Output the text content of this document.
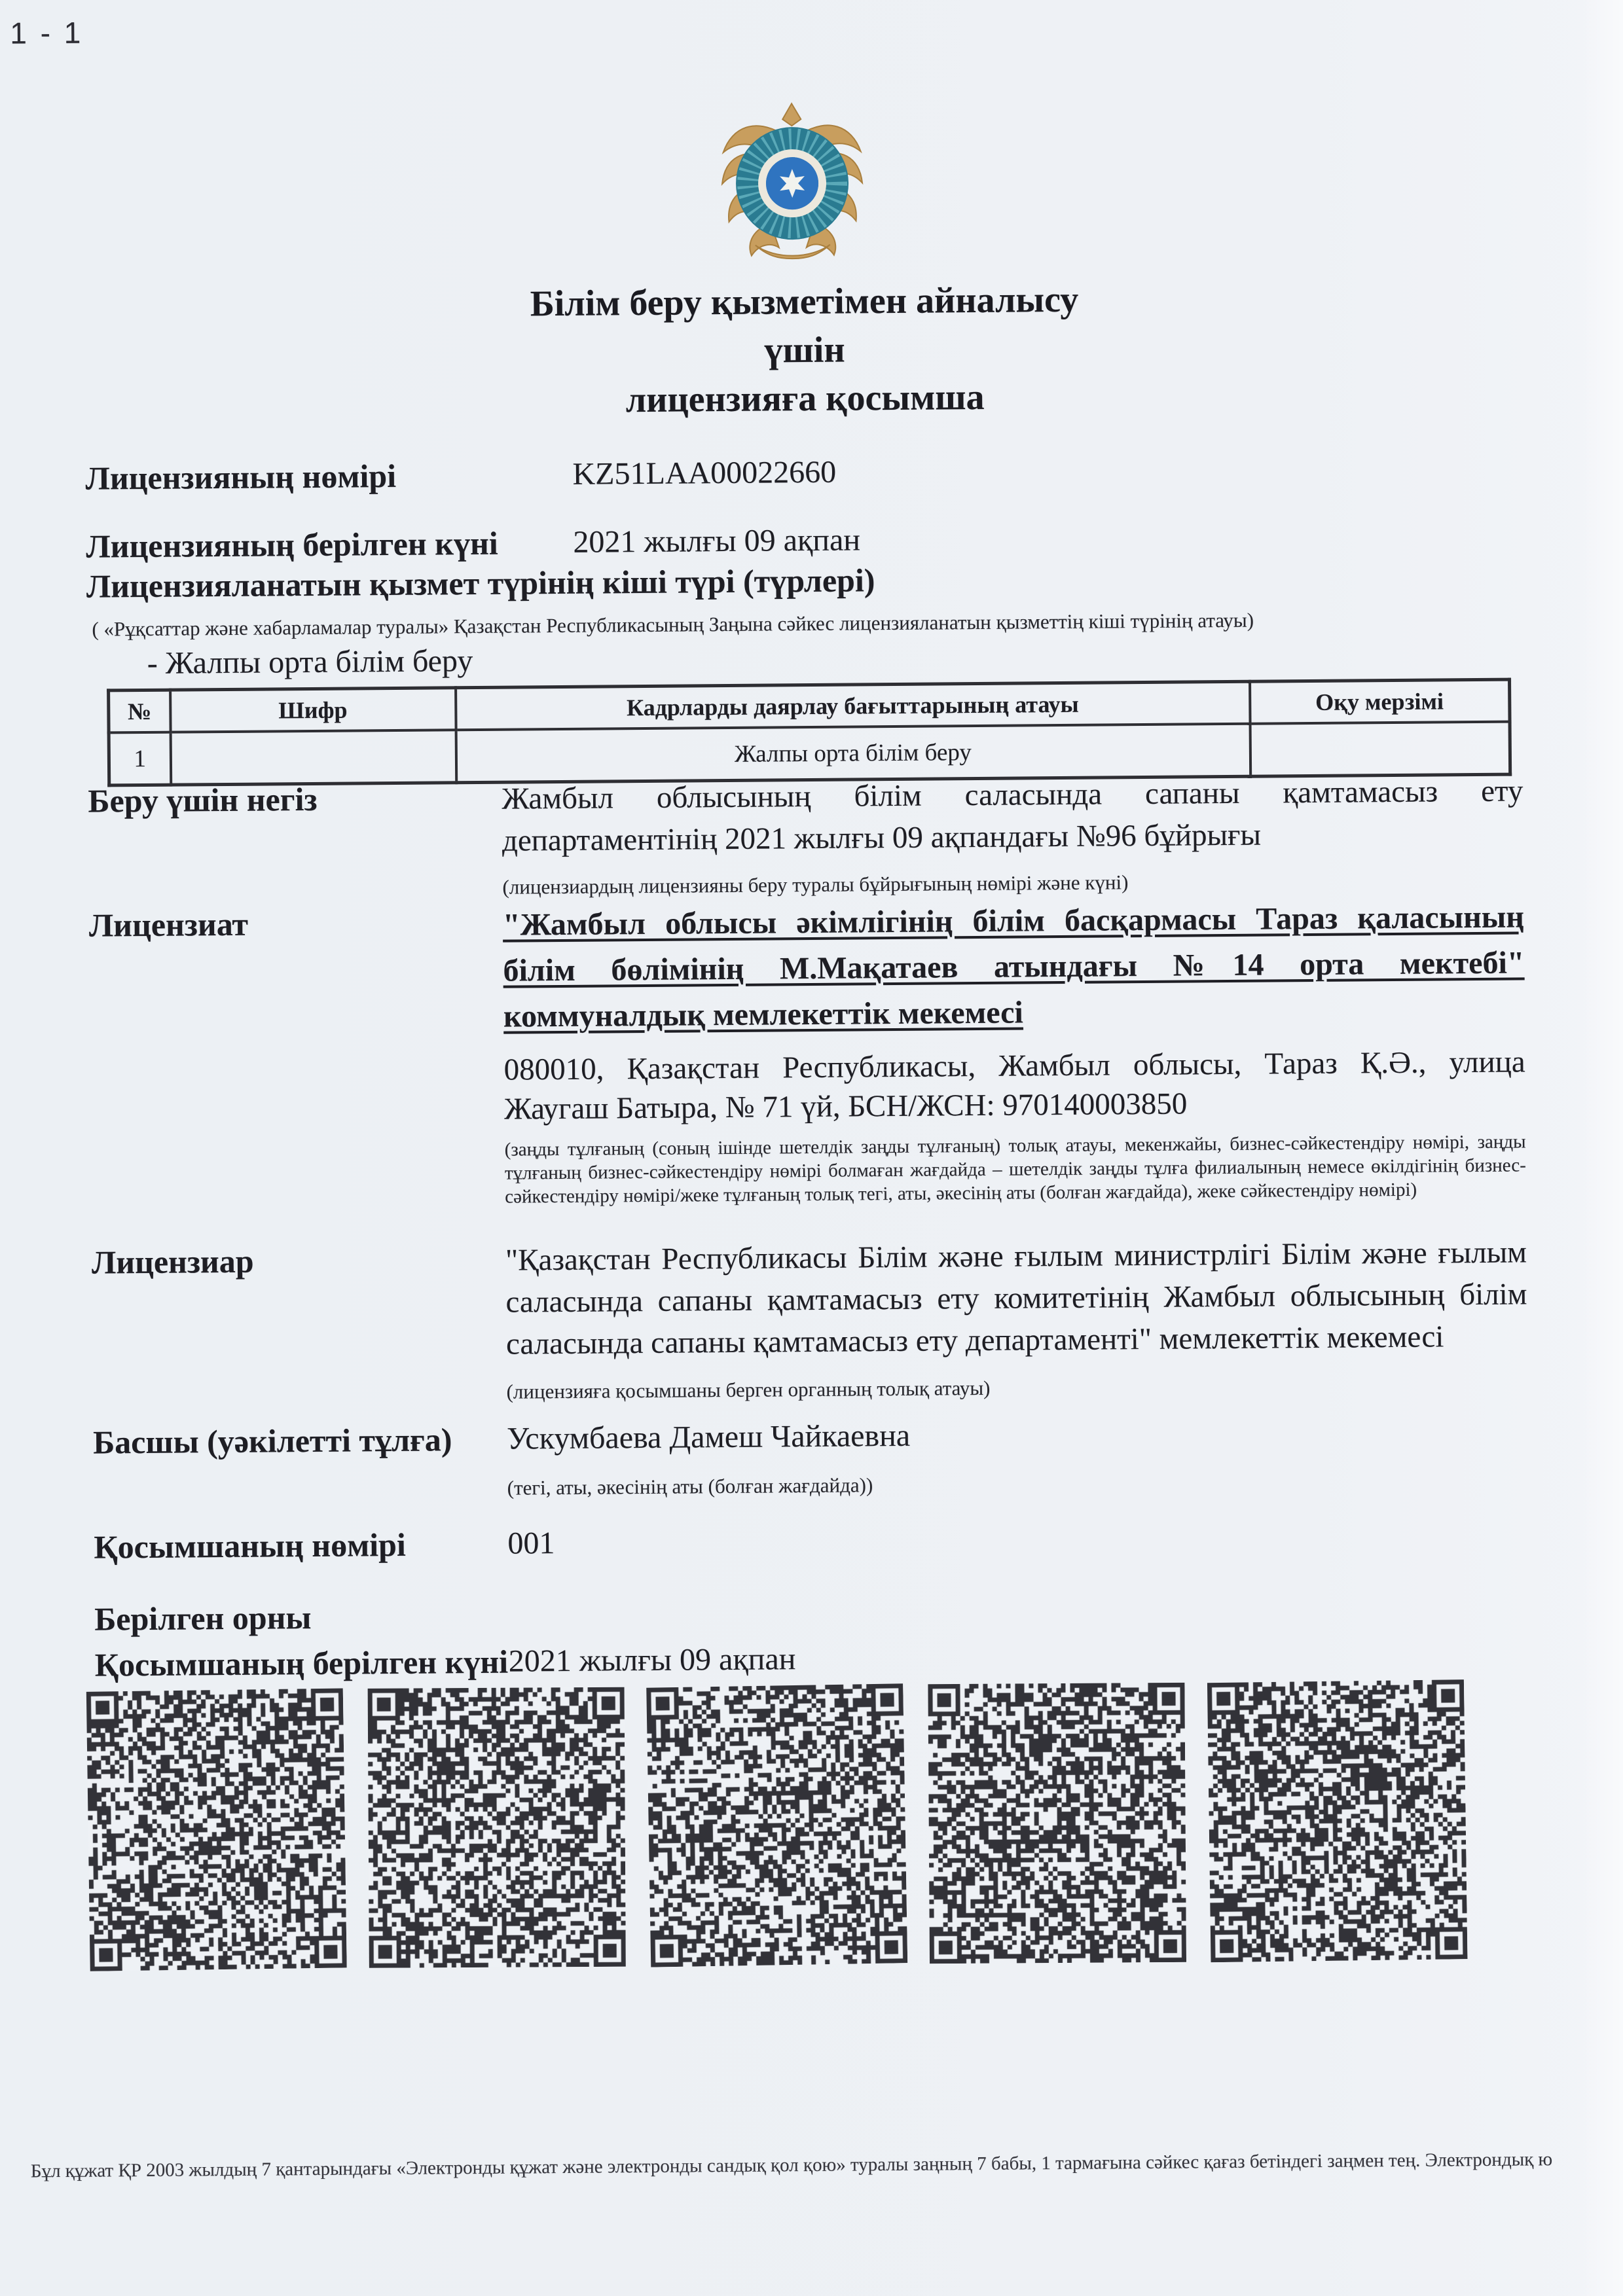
1 - 1
Білім беру қызметімен айналысу
үшін
лицензияға қосымша
Лицензияның нөмірі	KZ51LAA00022660
Лицензияның берілген күні	2021 жылғы 09 ақпан
Лицензияланатын қызмет түрінің кіші түрі (түрлері)
( «Рұқсаттар және хабарламалар туралы» Қазақстан Республикасының Заңына сәйкес лицензияланатын қызметтің кіші түрінің атауы)
- Жалпы орта білім беру
№	Шифр	Кадрларды даярлау бағыттарының атауы	Оқу мерзімі
1		Жалпы орта білім беру	
Беру үшін негіз	Жамбыл облысының білім саласында сапаны қамтамасыз ету департаментінің 2021 жылғы 09 ақпандағы №96 бұйрығы
(лицензиардың лицензияны беру туралы бұйрығының нөмірі және күні)
Лицензиат	"Жамбыл облысы әкімлігінің білім басқармасы Тараз қаласының білім бөлімінің М.Мақатаев атындағы №14 орта мектебі" коммуналдық мемлекеттік мекемесі
080010, Қазақстан Республикасы, Жамбыл облысы, Тараз Қ.Ә., улица Жаугаш Батыра, № 71 үй, БСН/ЖСН: 970140003850
(заңды тұлғаның (соның ішінде шетелдік заңды тұлғаның) толық атауы, мекенжайы, бизнес-сәйкестендіру нөмірі, заңды тұлғаның бизнес-сәйкестендіру нөмірі болмаған жағдайда – шетелдік заңды тұлға филиалының немесе өкілдігінің бизнес-сәйкестендіру нөмірі/жеке тұлғаның толық тегі, аты, әкесінің аты (болған жағдайда), жеке сәйкестендіру нөмірі)
Лицензиар	"Қазақстан Республикасы Білім және ғылым министрлігі Білім және ғылым саласында сапаны қамтамасыз ету комитетінің Жамбыл облысының білім саласында сапаны қамтамасыз ету департаменті" мемлекеттік мекемесі
(лицензияға қосымшаны берген органның толық атауы)
Басшы (уәкілетті тұлға)	Ускумбаева Дамеш Чайкаевна
(тегі, аты, әкесінің аты (болған жағдайда))
Қосымшаның нөмірі	001
Берілген орны
Қосымшаның берілген күні 2021 жылғы 09 ақпан
Бұл құжат ҚР 2003 жылдың 7 қантарындағы «Электронды құжат және электронды сандық қол қою» туралы заңның 7 бабы, 1 тармағына сәйкес қағаз бетіндегі заңмен тең. Электрондық ю
